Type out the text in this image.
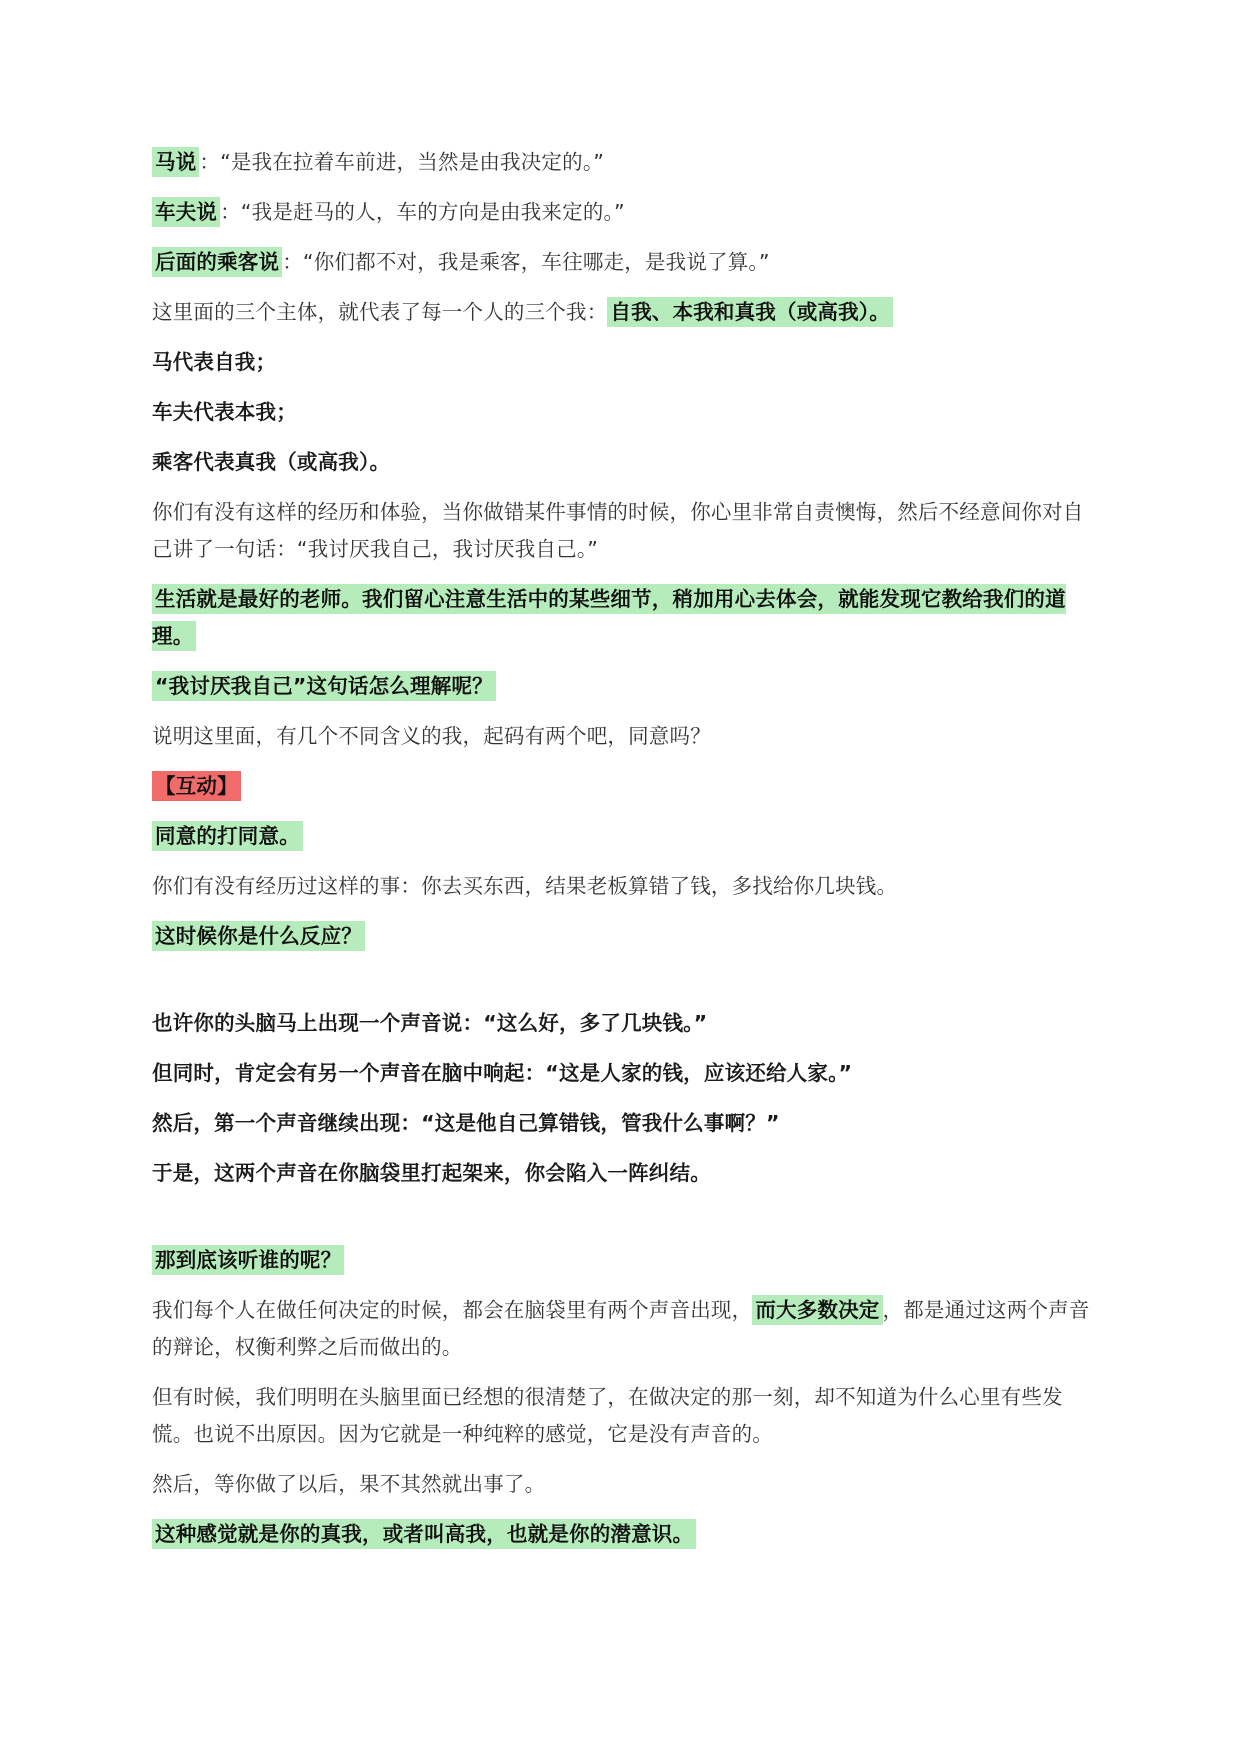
马说 ：“是我在拉着车前进，当然是由我决定的。”

车夫说 ：“我是赶马的人，车的方向是由我来定的。”

后面的乘客说 ：“你们都不对，我是乘客，车往哪走，是我说了算。”

这里面的三个主体，就代表了每一个人的三个我： 自我、本我和真我（或高我）。

马代表自我；

车夫代表本我；

乘客代表真我（或高我）。

你们有没有这样的经历和体验，当你做错某件事情的时候，你心里非常自责懊悔，然后不经意间你对自己讲了一句话：“我讨厌我自己，我讨厌我自己。”

生活就是最好的老师。我们留心注意生活中的某些细节，稍加用心去体会，就能发现它教给我们的道理。

“我讨厌我自己”这句话怎么理解呢？

说明这里面，有几个不同含义的我，起码有两个吧，同意吗？

【互动】

同意的打同意。

你们有没有经历过这样的事：你去买东西，结果老板算错了钱，多找给你几块钱。

这时候你是什么反应？

也许你的头脑马上出现一个声音说：“这么好，多了几块钱。”

但同时，肯定会有另一个声音在脑中响起：“这是人家的钱，应该还给人家。”

然后，第一个声音继续出现：“这是他自己算错钱，管我什么事啊？”

于是，这两个声音在你脑袋里打起架来，你会陷入一阵纠结。

那到底该听谁的呢？

我们每个人在做任何决定的时候，都会在脑袋里有两个声音出现， 而大多数决定 ，都是通过这两个声音的辩论，权衡利弊之后而做出的。

但有时候，我们明明在头脑里面已经想的很清楚了，在做决定的那一刻，却不知道为什么心里有些发慌。也说不出原因。因为它就是一种纯粹的感觉，它是没有声音的。

然后，等你做了以后，果不其然就出事了。

这种感觉就是你的真我，或者叫高我，也就是你的潜意识。
